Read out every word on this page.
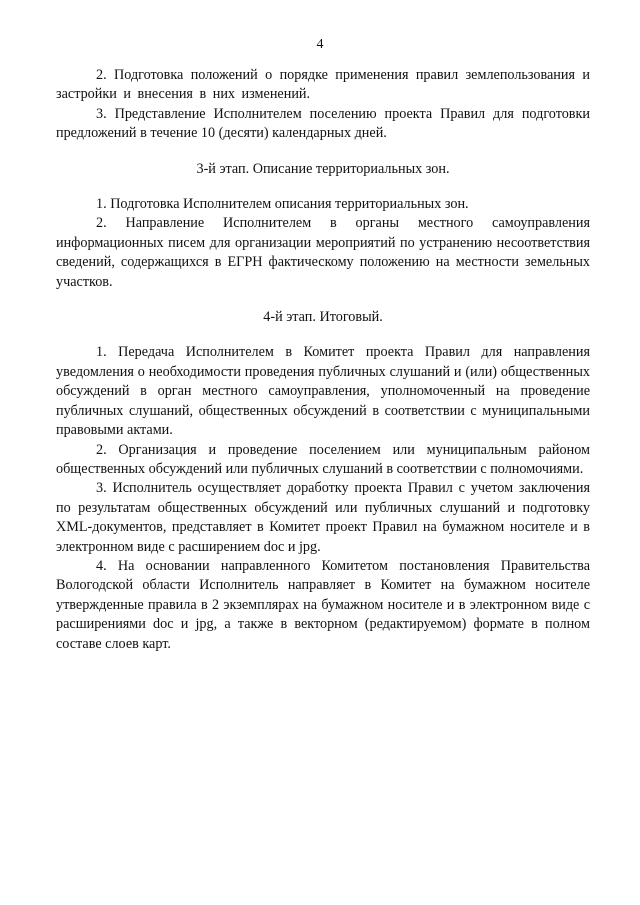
4

2. Подготовка положений о порядке применения правил землепользования и застройки и внесения в них изменений.

3. Представление Исполнителем поселению проекта Правил для подготовки предложений в течение 10 (десяти) календарных дней.

3-й этап. Описание территориальных зон.

1. Подготовка Исполнителем описания территориальных зон.

2. Направление Исполнителем в органы местного самоуправления информационных писем для организации мероприятий по устранению несоответствия сведений, содержащихся в ЕГРН фактическому положению на местности земельных участков.

4-й этап. Итоговый.

1. Передача Исполнителем в Комитет проекта Правил для направления уведомления о необходимости проведения публичных слушаний и (или) общественных обсуждений в орган местного самоуправления, уполномоченный на проведение публичных слушаний, общественных обсуждений в соответствии с муниципальными правовыми актами.

2. Организация и проведение поселением или муниципальным районом общественных обсуждений или публичных слушаний в соответствии с полномочиями.

3. Исполнитель осуществляет доработку проекта Правил с учетом заключения по результатам общественных обсуждений или публичных слушаний и подготовку XML-документов, представляет в Комитет проект Правил на бумажном носителе и в электронном виде с расширением doc и jpg.

4. На основании направленного Комитетом постановления Правительства Вологодской области Исполнитель направляет в Комитет на бумажном носителе утвержденные правила в 2 экземплярах на бумажном носителе и в электронном виде с расширениями doc и jpg, а также в векторном (редактируемом) формате в полном составе слоев карт.
